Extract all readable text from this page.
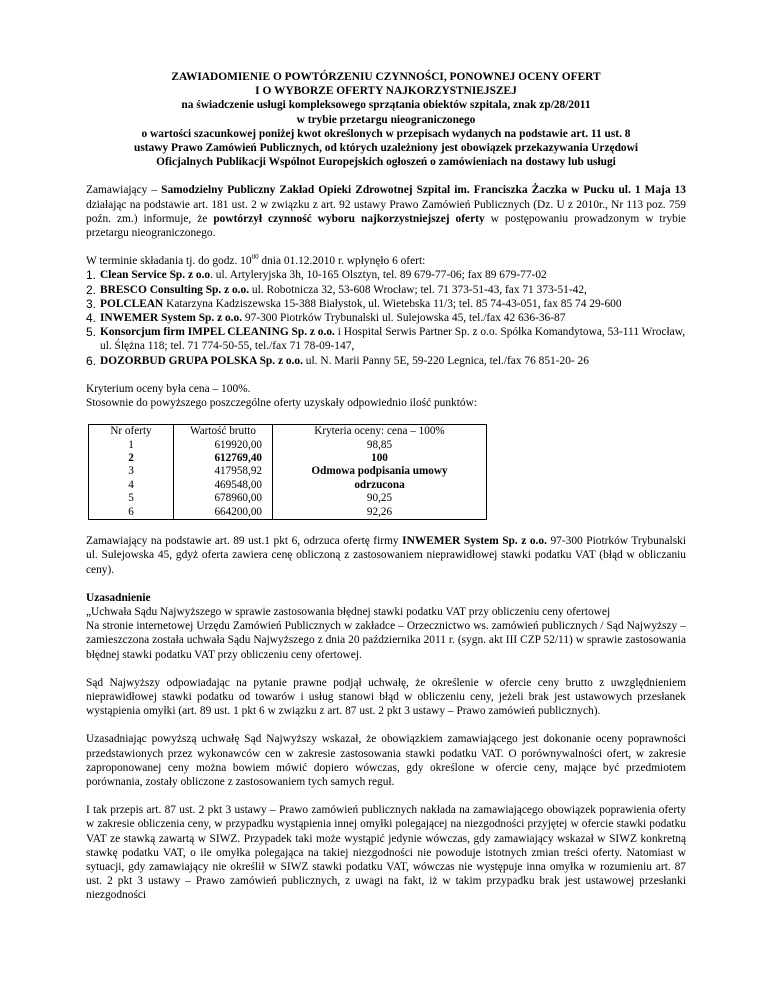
ZAWIADOMIENIE O POWTÓRZENIU CZYNNOŚCI, PONOWNEJ OCENY OFERT
I O WYBORZE OFERTY NAJKORZYSTNIEJSZEJ
na świadczenie usługi kompleksowego sprzątania obiektów szpitala, znak zp/28/2011
w trybie przetargu nieograniczonego
o wartości szacunkowej poniżej kwot określonych w przepisach wydanych na podstawie art. 11 ust. 8
ustawy Prawo Zamówień Publicznych, od których uzależniony jest obowiązek przekazywania Urzędowi
Oficjalnych Publikacji Wspólnot Europejskich ogłoszeń o zamówieniach na dostawy lub usługi

Zamawiający – Samodzielny Publiczny Zakład Opieki Zdrowotnej Szpital im. Franciszka Żaczka w Pucku ul. 1 Maja 13 działając na podstawie art. 181 ust. 2 w związku z art. 92 ustawy Prawo Zamówień Publicznych (Dz. U z 2010r., Nr 113 poz. 759 poźn. zm.) informuje, że powtórzył czynność wyboru najkorzystniejszej oferty w postępowaniu prowadzonym w trybie przetargu nieograniczonego.

W terminie składania tj. do godz. $10^{00}$ dnia 01.12.2010 r. wpłynęło 6 ofert:

1. Clean Service Sp. z o.o. ul. Artyleryjska 3h, 10-165 Olsztyn, tel. 89 679-77-06; fax 89 679-77-02
2. BRESCO Consulting Sp. z o.o. ul. Robotnicza 32, 53-608 Wrocław; tel. 71 373-51-43, fax 71 373-51-42,
3. POLCLEAN Katarzyna Kadziszewska 15-388 Białystok, ul. Wietebska 11/3; tel. 85 74-43-051, fax 85 74 29-600
4. INWEMER System Sp. z o.o. 97-300 Piotrków Trybunalski ul. Sulejowska 45, tel./fax 42 636-36-87
5. Konsorcjum firm IMPEL CLEANING Sp. z o.o. i Hospital Serwis Partner Sp. z o.o. Spółka Komandytowa, 53-111 Wrocław, ul. Ślężna 118; tel. 71 774-50-55, tel./fax 71 78-09-147,
6. DOZORBUD GRUPA POLSKA Sp. z o.o. ul. N. Marii Panny 5E, 59-220 Legnica, tel./fax 76 851-20- 26

Kryterium oceny była cena – 100%.

Stosownie do powyższego poszczególne oferty uzyskały odpowiednio ilość punktów:

Nr oferty	Wartość brutto	Kryteria oceny: cena – 100%
1	619920,00	98,85
2	612769,40	100
3	417958,92	Odmowa podpisania umowy
4	469548,00	odrzucona
5	678960,00	90,25
6	664200,00	92,26

Zamawiający na podstawie art. 89 ust.1 pkt 6, odrzuca ofertę firmy INWEMER System Sp. z o.o. 97-300 Piotrków Trybunalski ul. Sulejowska 45, gdyż oferta zawiera cenę obliczoną z zastosowaniem nieprawidłowej stawki podatku VAT (błąd w obliczaniu ceny).

Uzasadnienie

„Uchwała Sądu Najwyższego w sprawie zastosowania błędnej stawki podatku VAT przy obliczeniu ceny ofertowej

Na stronie internetowej Urzędu Zamówień Publicznych w zakładce – Orzecznictwo ws. zamówień publicznych / Sąd Najwyższy – zamieszczona została uchwała Sądu Najwyższego z dnia 20 października 2011 r. (sygn. akt III CZP 52/11) w sprawie zastosowania błędnej stawki podatku VAT przy obliczeniu ceny ofertowej.

Sąd Najwyższy odpowiadając na pytanie prawne podjął uchwałę, że określenie w ofercie ceny brutto z uwzględnieniem nieprawidłowej stawki podatku od towarów i usług stanowi błąd w obliczeniu ceny, jeżeli brak jest ustawowych przesłanek wystąpienia omyłki (art. 89 ust. 1 pkt 6 w związku z art. 87 ust. 2 pkt 3 ustawy – Prawo zamówień publicznych).

Uzasadniając powyższą uchwałę Sąd Najwyższy wskazał, że obowiązkiem zamawiającego jest dokonanie oceny poprawności przedstawionych przez wykonawców cen w zakresie zastosowania stawki podatku VAT. O porównywalności ofert, w zakresie zaproponowanej ceny można bowiem mówić dopiero wówczas, gdy określone w ofercie ceny, mające być przedmiotem porównania, zostały obliczone z zastosowaniem tych samych reguł.

I tak przepis art. 87 ust. 2 pkt 3 ustawy – Prawo zamówień publicznych nakłada na zamawiającego obowiązek poprawienia oferty w zakresie obliczenia ceny, w przypadku wystąpienia innej omyłki polegającej na niezgodności przyjętej w ofercie stawki podatku VAT ze stawką zawartą w SIWZ. Przypadek taki może wystąpić jedynie wówczas, gdy zamawiający wskazał w SIWZ konkretną stawkę podatku VAT, o ile omyłka polegająca na takiej niezgodności nie powoduje istotnych zmian treści oferty. Natomiast w sytuacji, gdy zamawiający nie określił w SIWZ stawki podatku VAT, wówczas nie występuje inna omyłka w rozumieniu art. 87 ust. 2 pkt 3 ustawy – Prawo zamówień publicznych, z uwagi na fakt, iż w takim przypadku brak jest ustawowej przesłanki niezgodności
